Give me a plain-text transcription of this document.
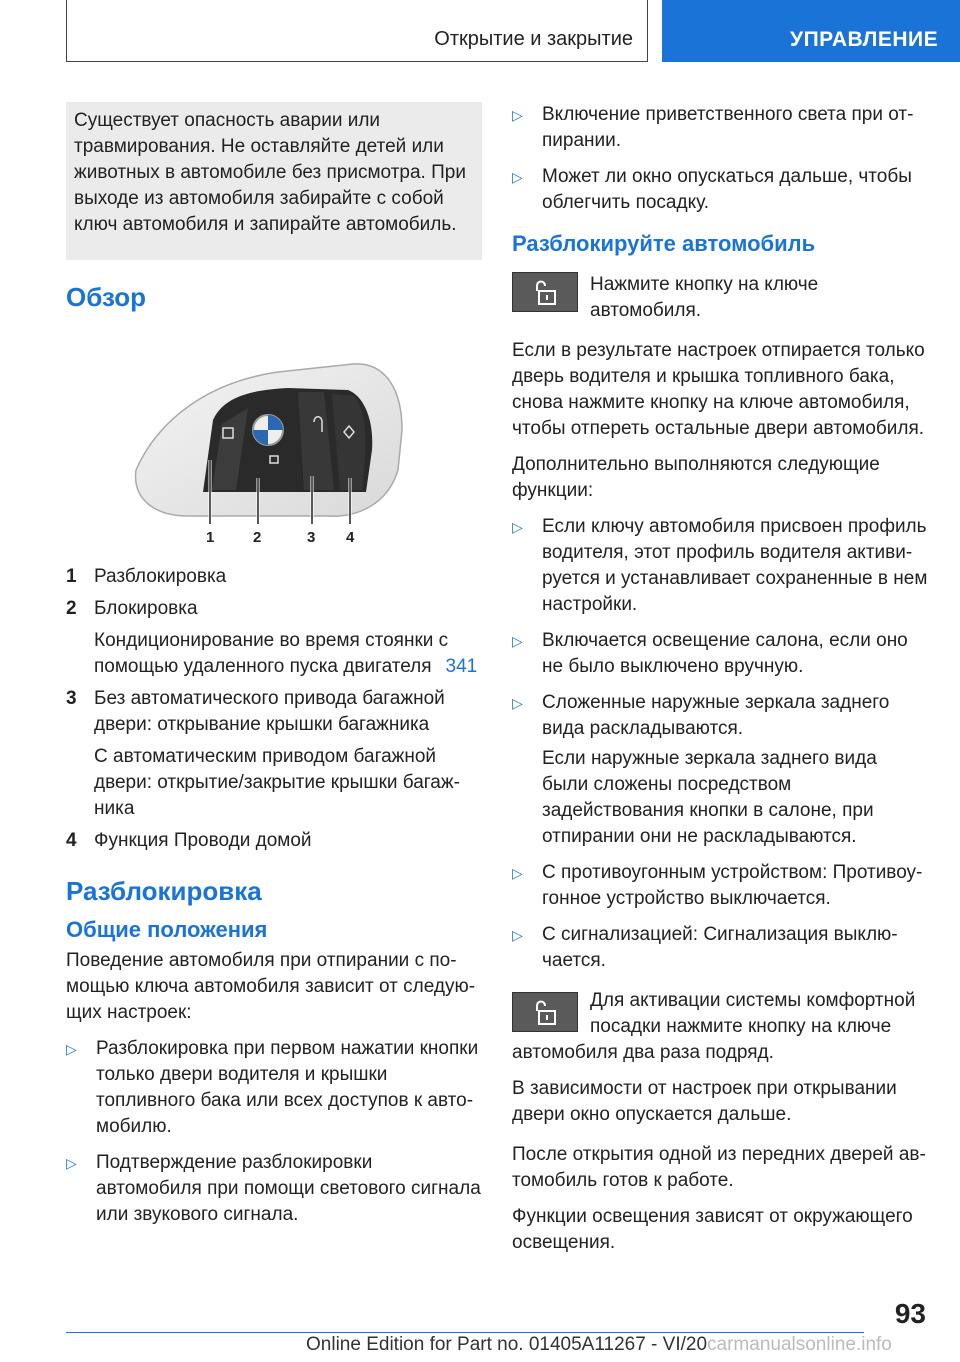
Открытие и закрытие	УПРАВЛЕНИЕ

Существует опасность аварии или травмирования. Не оставляйте детей или животных в автомобиле без присмотра. При выходе из автомобиля забирайте с собой ключ автомобиля и запирайте автомобиль.

Обзор
1	2	3 4
1 Разблокировка
2 Блокировка
Кондиционирование во время стоянки с помощью удаленного пуска двигателя 341
3 Без автоматического привода багажной двери: открывание крышки багажника
С автоматическим приводом багажной двери: открытие/закрытие крышки багажника
4 Функция Проводи домой
Разблокировка
Общие положения

Поведение автомобиля при отпирании с помощью ключа автомобиля зависит от следующих настроек:

▷	Разблокировка при первом нажатии кнопки только двери водителя и крышки топливного бака или всех доступов к автомобилю.
▷	Подтверждение разблокировки автомобиля при помощи светового сигнала или звукового сигнала.
▷	Включение приветственного света при отпирании.
▷	Может ли окно опускаться дальше, чтобы облегчить посадку.
Разблокируйте автомобиль
Нажмите кнопку на ключе автомобиля.

Если в результате настроек отпирается только дверь водителя и крышка топливного бака, снова нажмите кнопку на ключе автомобиля, чтобы отпереть остальные двери автомобиля.

Дополнительно выполняются следующие функции:

▷	Если ключу автомобиля присвоен профиль водителя, этот профиль водителя активируется и устанавливает сохраненные в нем настройки.
▷	Включается освещение салона, если оно не было выключено вручную.
▷	Сложенные наружные зеркала заднего вида раскладываются.
Если наружные зеркала заднего вида были сложены посредством задействования кнопки в салоне, при отпирании они не раскладываются.
▷	С противоугонным устройством: Противоугонное устройство выключается.
▷	С сигнализацией: Сигнализация выключается.

Для активации системы комфортной посадки нажмите кнопку на ключе автомобиля два раза подряд.

В зависимости от настроек при открывании двери окно опускается дальше.

После открытия одной из передних дверей автомобиль готов к работе.

Функции освещения зависят от окружающего освещения.

93
Online Edition for Part no. 01405A11267 - VI/20carmanualsonline.info
